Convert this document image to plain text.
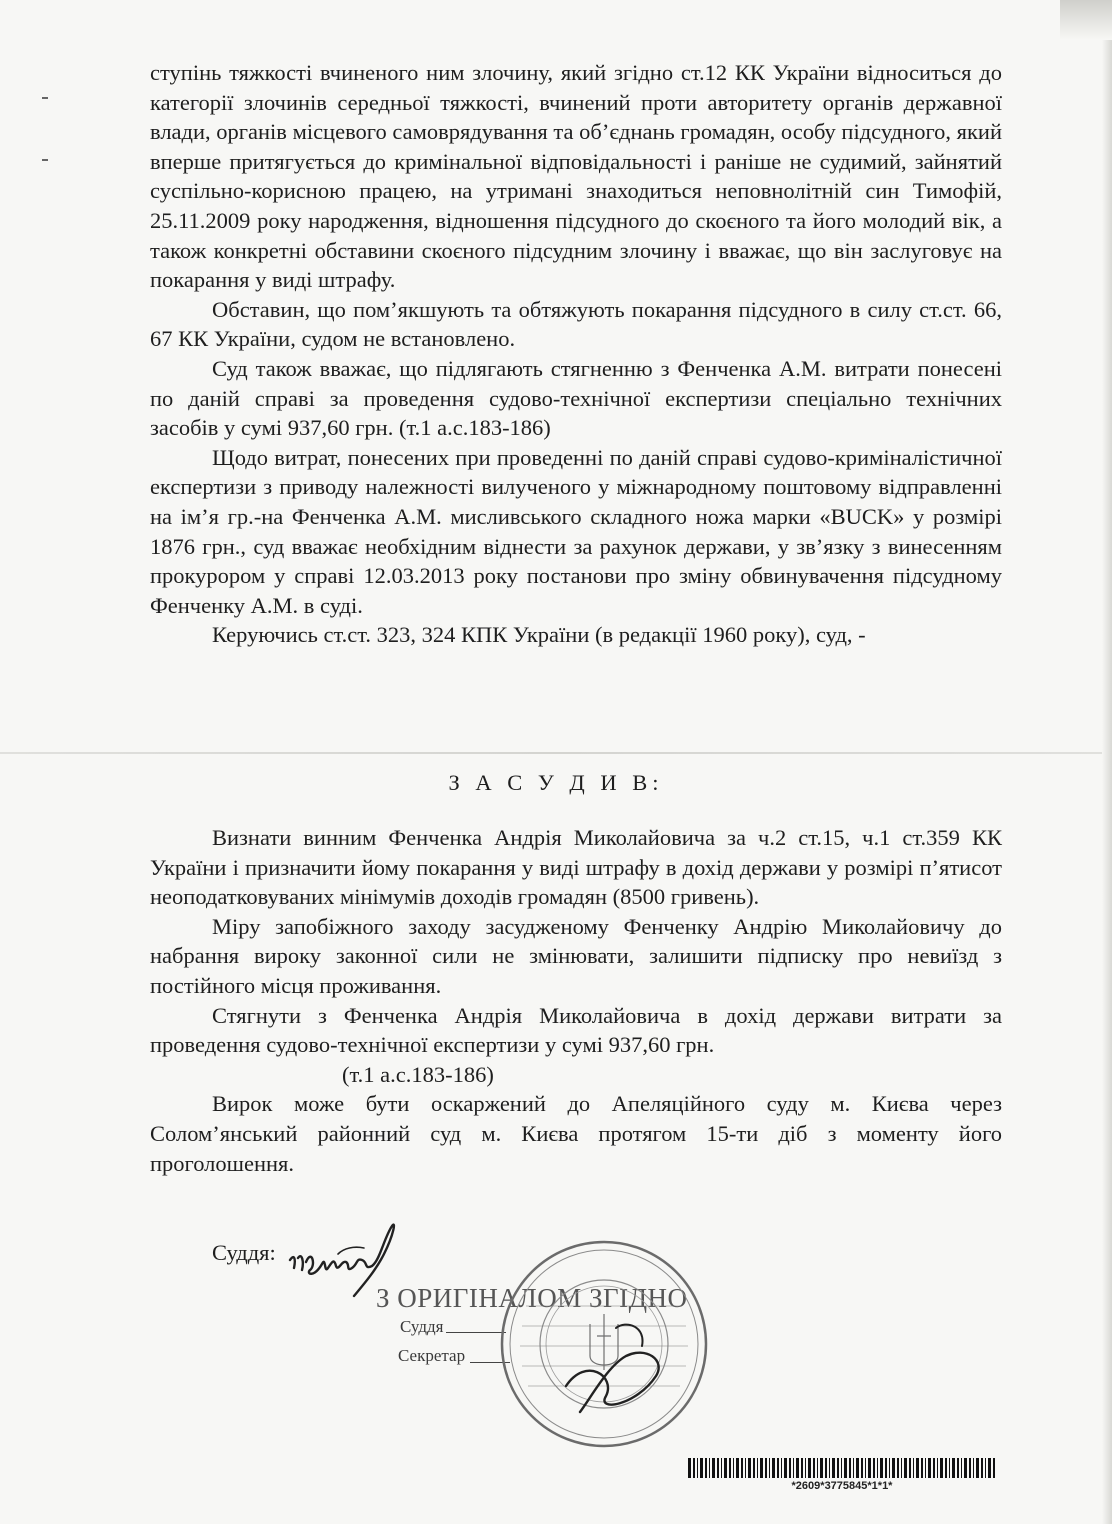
ступінь тяжкості вчиненого ним злочину, який згідно ст.12 КК України відноситься до категорії злочинів середньої тяжкості, вчинений проти авторитету органів державної влади, органів місцевого самоврядування та об’єднань громадян, особу підсудного, який вперше притягується до кримінальної відповідальності і раніше не судимий, зайнятий суспільно-корисною працею, на утримані знаходиться неповнолітній син Тимофій, 25.11.2009 року народження, відношення підсудного до скоєного та його молодий вік, а також конкретні обставини скоєного підсудним злочину і вважає, що він заслуговує на покарання у виді штрафу.

Обставин, що пом’якшують та обтяжують покарання підсудного в силу ст.ст. 66, 67 КК України, судом не встановлено.

Суд також вважає, що підлягають стягненню з Фенченка А.М. витрати понесені по даній справі за проведення судово-технічної експертизи спеціально технічних засобів у сумі 937,60 грн. (т.1 а.с.183-186)

Щодо витрат, понесених при проведенні по даній справі судово-криміналістичної експертизи з приводу належності вилученого у міжнародному поштовому відправленні на ім’я гр.-на Фенченка А.М. мисливського складного ножа марки «BUCK» у розмірі 1876 грн., суд вважає необхідним віднести за рахунок держави, у зв’язку з винесенням прокурором у справі 12.03.2013 року постанови про зміну обвинувачення підсудному Фенченку А.М. в суді.

Керуючись ст.ст. 323, 324 КПК України (в редакції 1960 року), суд, -

З А С У Д И В:

Визнати винним Фенченка Андрія Миколайовича за ч.2 ст.15, ч.1 ст.359 КК України і призначити йому покарання у виді штрафу в дохід держави у розмірі п’ятисот неоподатковуваних мінімумів доходів громадян (8500 гривень).

Міру запобіжного заходу засудженому Фенченку Андрію Миколайовичу до набрання вироку законної сили не змінювати, залишити підписку про невиїзд з постійного місця проживання.

Стягнути з Фенченка Андрія Миколайовича в дохід держави витрати за проведення судово-технічної експертизи у сумі 937,60 грн.

(т.1 а.с.183-186)

Вирок може бути оскаржений до Апеляційного суду м. Києва через Солом’янський районний суд м. Києва протягом 15-ти діб з моменту його проголошення.

Суддя:
З ОРИГІНАЛОМ ЗГІДНО
Суддя
Секретар
*2609*3775845*1*1*
